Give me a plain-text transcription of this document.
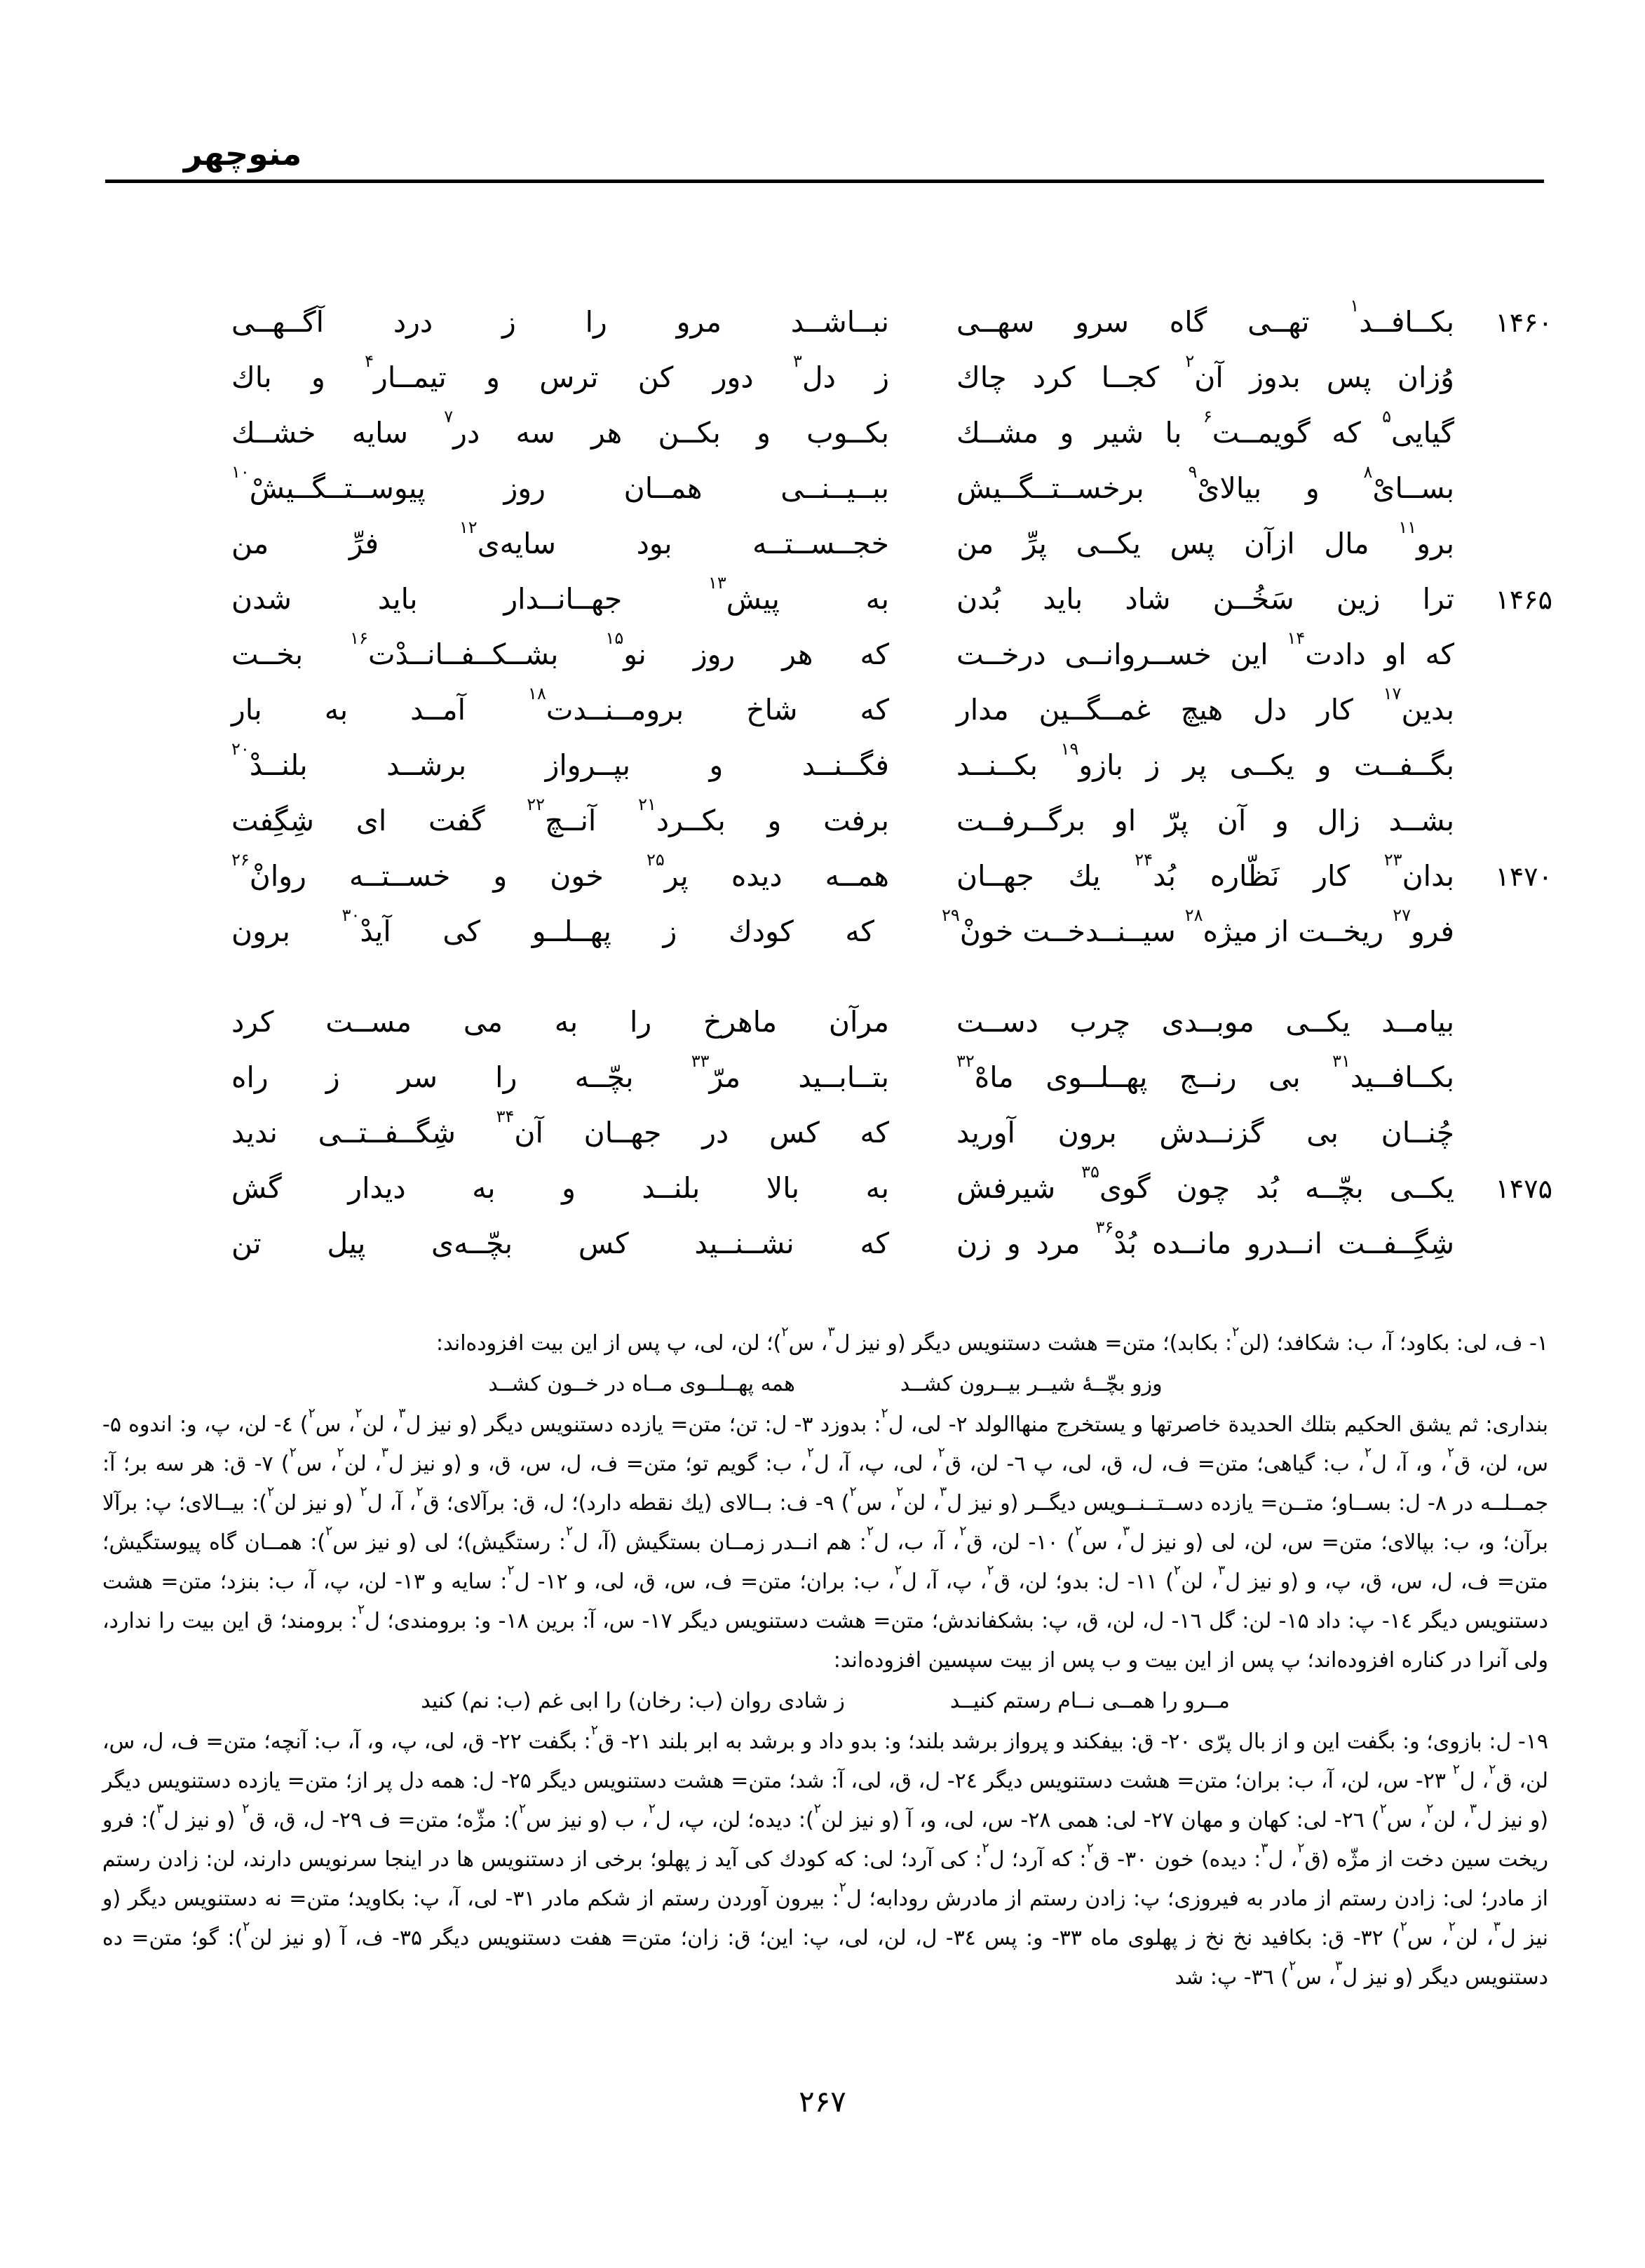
منوچهر
۱۴۶۰
بكــافــد$^۱$ تهــى گاه سرو سهــى
نبــاشــد مرو را ز درد آگــهــى
وُزان پس بدوز آن$^۲$ كجــا كرد چاك
ز دل$^۳$ دور كن ترس و تيمــار$^۴$ و باك
گيايى$^۵$ كه گويمــت$^۶$ با شير و مشــك
بكــوب و بكــن هر سه در$^۷$ سايه خشــك
بســاىْ$^۸$ و بيالاىْ$^۹$ برخســتــگــيش
ببــيــنــى همــان روز پيوســتــگــيشْ$^{۱۰}$
برو$^{۱۱}$ مال ازآن پس يكــى پرِّ من
خجــســتــه بود سايه‌ى$^{۱۲}$ فرِّ من
۱۴۶۵
ترا زين سَخُــن شاد بايد بُدن
به پيش$^{۱۳}$ جهــانــدار بايد شدن
كه او دادت$^{۱۴}$ اين خســروانــى درخــت
كه هر روز نو$^{۱۵}$ بشــكــفــانــدْت$^{۱۶}$ بخــت
بدين$^{۱۷}$ كار دل هيچ غمــگــين مدار
كه شاخ برومــنــدت$^{۱۸}$ آمــد به بار
بگــفــت و يكــى پر ز بازو$^{۱۹}$ بكــنــد
فگــنــد و بپــرواز برشــد بلنــدْ$^{۲۰}$
بشــد زال و آن پرّ او برگــرفــت
برفت و بكــرد$^{۲۱}$ آنــچ$^{۲۲}$ گفت اى شِگِفت
۱۴۷۰
بدان$^{۲۳}$ كار نَظّاره بُد$^{۲۴}$ يك جهــان
همــه ديده پر$^{۲۵}$ خون و خســتــه روانْ$^{۲۶}$
فرو$^{۲۷}$ ريخــت از ميژه$^{۲۸}$ سيــنــدخــت خونْ$^{۲۹}$
كه كودك ز پهــلــو كى آيدْ$^{۳۰}$ برون
بيامــد يكــى موبــدى چرب دســت
مرآن ماهرخ را به مى مســت كرد
بكــافــيد$^{۳۱}$ بى رنــج پهــلــوى ماهْ$^{۳۲}$
بتــابــيد مرّ$^{۳۳}$ بچّــه را سر ز راه
چُنــان بى گزنــدش برون آوريد
كه كس در جهــان آن$^{۳۴}$ شِگــفــتــى نديد
۱۴۷۵
يكــى بچّــه بُد چون گوى$^{۳۵}$ شيرفش
به بالا بلنــد و به ديدار گش
شِگِــفــت انــدرو مانــده بُدْ$^{۳۶}$ مرد و زن
كه نشــنــيد كس بچّــه‌ى پيل تن

۱- ف، لى: بكاود؛ آ، ب: شكافد؛ (لن$^۲$: بكابد)؛ متن= هشت دستنويس ديگر (و نيز ل$^۳$، س$^۲$)؛ لن، لى، پ پس از اين بيت افزوده‌اند:

وزو بچّــهٔ شيــر بيــرون كشــد
همه پهــلــوى مــاه در خــون كشــد

بندارى: ثم يشق الحكيم بتلك الحديدة خاصرتها و يستخرج منهاالولد ۲- لى، ل$^۲$: بدوزد ۳- ل: تن؛ متن= يازده دستنويس ديگر (و نيز ل$^۳$، لن$^۲$، س$^۲$) ٤- لن، پ، و: اندوه ۵- س، لن، ق$^۲$، و، آ، ل$^۲$، ب: گياهى؛ متن= ف، ل، ق، لى، پ ٦- لن، ق$^۲$، لى، پ، آ، ل$^۲$، ب: گويم تو؛ متن= ف، ل، س، ق، و (و نيز ل$^۳$، لن$^۲$، س$^۲$) ۷- ق: هر سه بر؛ آ: جمــلــه در ۸- ل: بســاو؛ متــن= يازده دســتــنــويس ديگــر (و نيز ل$^۳$، لن$^۲$، س$^۲$) ۹- ف: بــالاى (يك نقطه دارد)؛ ل، ق: برآلاى؛ ق$^۲$، آ، ل$^۲$ (و نيز لن$^۲$): بيــالاى؛ پ: برآلا برآن؛ و، ب: بپالاى؛ متن= س، لن، لى (و نيز ل$^۳$، س$^۲$) ۱۰- لن، ق$^۲$، آ، ب، ل$^۲$: هم انــدر زمــان بستگيش (آ، ل$^۲$: رستگيش)؛ لى (و نيز س$^۲$): همــان گاه پيوستگيش؛ متن= ف، ل، س، ق، پ، و (و نيز ل$^۳$، لن$^۲$) ۱۱- ل: بدو؛ لن، ق$^۲$، پ، آ، ل$^۲$، ب: بران؛ متن= ف، س، ق، لى، و ۱۲- ل$^۲$: سايه و ۱۳- لن، پ، آ، ب: بنزد؛ متن= هشت دستنويس ديگر ۱٤- پ: داد ۱۵- لن: گل ۱٦- ل، لن، ق، پ: بشكفاندش؛ متن= هشت دستنويس ديگر ۱۷- س، آ: برين ۱۸- و: برومندى؛ ل$^۲$: برومند؛ ق اين بيت را ندارد، ولى آنرا در كناره افزوده‌اند؛ پ پس از اين بيت و ب پس از بيت سپسين افزوده‌اند:

مــرو را همــى نــام رستم كنيــد
ز شادى روان (ب: رخان) را ابى غم (ب: نم) كنيد

۱۹- ل: بازوى؛ و: بگفت اين و از بال پرّى ۲۰- ق: بيفكند و پرواز برشد بلند؛ و: بدو داد و برشد به ابر بلند ۲۱- ق$^۲$: بگفت ۲۲- ق، لى، پ، و، آ، ب: آنچه؛ متن= ف، ل، س، لن، ق$^۲$، ل$^۲$ ۲۳- س، لن، آ، ب: بران؛ متن= هشت دستنويس ديگر ۲٤- ل، ق، لى، آ: شد؛ متن= هشت دستنويس ديگر ۲۵- ل: همه دل پر از؛ متن= يازده دستنويس ديگر (و نيز ل$^۳$، لن$^۲$، س$^۲$) ۲٦- لى: كهان و مهان ۲۷- لى: همى ۲۸- س، لى، و، آ (و نيز لن$^۲$): ديده؛ لن، پ، ل$^۲$، ب (و نيز س$^۲$): مژّه؛ متن= ف ۲۹- ل، ق، ق$^۲$ (و نيز ل$^۳$): فرو ريخت سين دخت از مژّه (ق$^۲$، ل$^۳$: ديده) خون ۳۰- ق$^۲$: كه آرد؛ ل$^۲$: كى آرد؛ لى: كه كودك كى آيد ز پهلو؛ برخى از دستنويس ها در اينجا سرنويس دارند، لن: زادن رستم از مادر؛ لى: زادن رستم از مادر به فيروزى؛ پ: زادن رستم از مادرش رودابه؛ ل$^۲$: بيرون آوردن رستم از شكم مادر ۳۱- لى، آ، پ: بكاويد؛ متن= نه دستنويس ديگر (و نيز ل$^۳$، لن$^۲$، س$^۲$) ۳۲- ق: بكافيد نخ نخ ز پهلوى ماه ۳۳- و: پس ۳٤- ل، لن، لى، پ: اين؛ ق: زان؛ متن= هفت دستنويس ديگر ۳۵- ف، آ (و نيز لن$^۲$): گو؛ متن= ده دستنويس ديگر (و نيز ل$^۳$، س$^۲$) ۳٦- پ: شد

۲۶۷
